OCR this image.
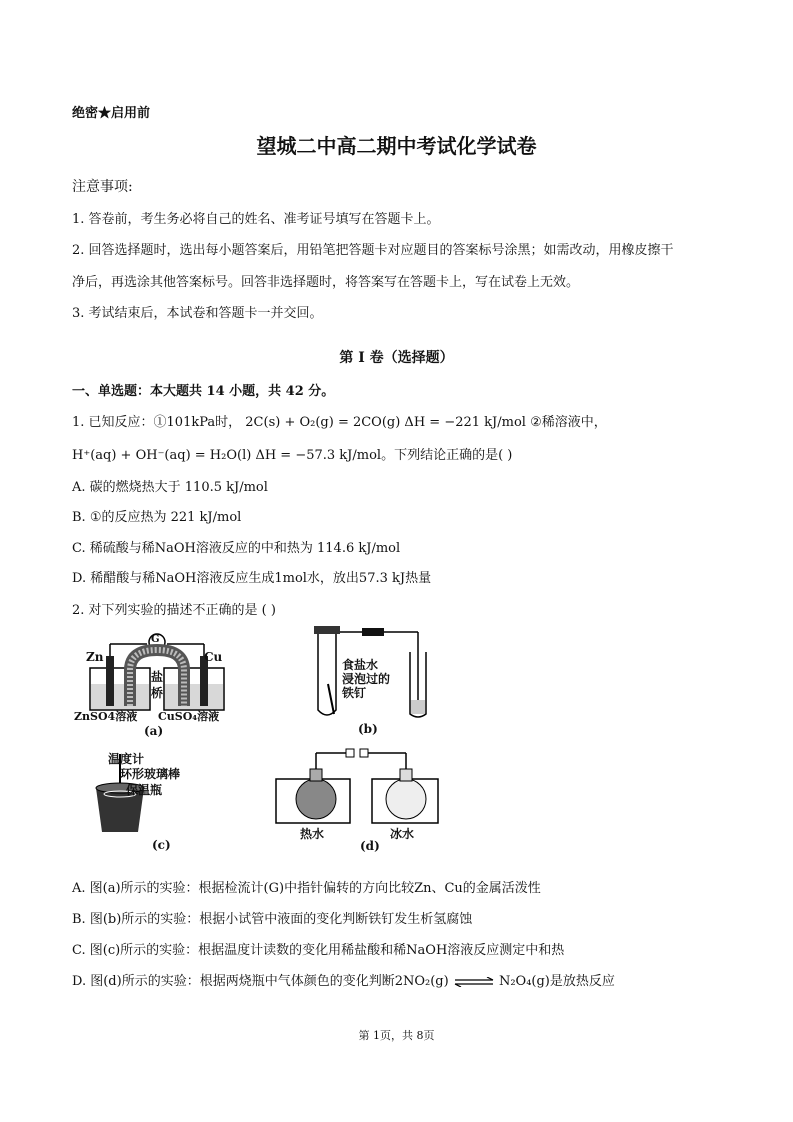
绝密★启用前
望城二中高二期中考试化学试卷
注意事项:
1. 答卷前，考生务必将自己的姓名、准考证号填写在答题卡上。
2. 回答选择题时，选出每小题答案后，用铅笔把答题卡对应题目的答案标号涂黑；如需改动，用橡皮擦干
净后，再选涂其他答案标号。回答非选择题时，将答案写在答题卡上，写在试卷上无效。
3. 考试结束后，本试卷和答题卡一并交回。
第 I 卷（选择题）
一、单选题：本大题共 14 小题，共 42 分。
1. 已知反应：①101kPa时， 2C(s) + O₂(g) = 2CO(g) ΔH = −221 kJ/mol ②稀溶液中，
H⁺(aq) + OH⁻(aq) = H₂O(l) ΔH = −57.3 kJ/mol。下列结论正确的是( )
A. 碳的燃烧热大于 110.5 kJ/mol
B. ①的反应热为 221 kJ/mol
C. 稀硫酸与稀NaOH溶液反应的中和热为 114.6 kJ/mol
D. 稀醋酸与稀NaOH溶液反应生成1mol水，放出57.3 kJ热量
2. 对下列实验的描述不正确的是 ( )
G
Zn	Cu
盐
桥
ZnSO4溶液 CuSO₄溶液
(a)
食盐水
浸泡过的
铁钉
(b)
温度计
环形玻璃棒
保温瓶
(c)
热水	冰水
(d)
A. 图(a)所示的实验：根据检流计(G)中指针偏转的方向比较Zn、Cu的金属活泼性
B. 图(b)所示的实验：根据小试管中液面的变化判断铁钉发生析氢腐蚀
C. 图(c)所示的实验：根据温度计读数的变化用稀盐酸和稀NaOH溶液反应测定中和热
D. 图(d)所示的实验：根据两烧瓶中气体颜色的变化判断2NO₂(g) ⇌ N₂O₄(g)是放热反应
第 1页，共 8页
